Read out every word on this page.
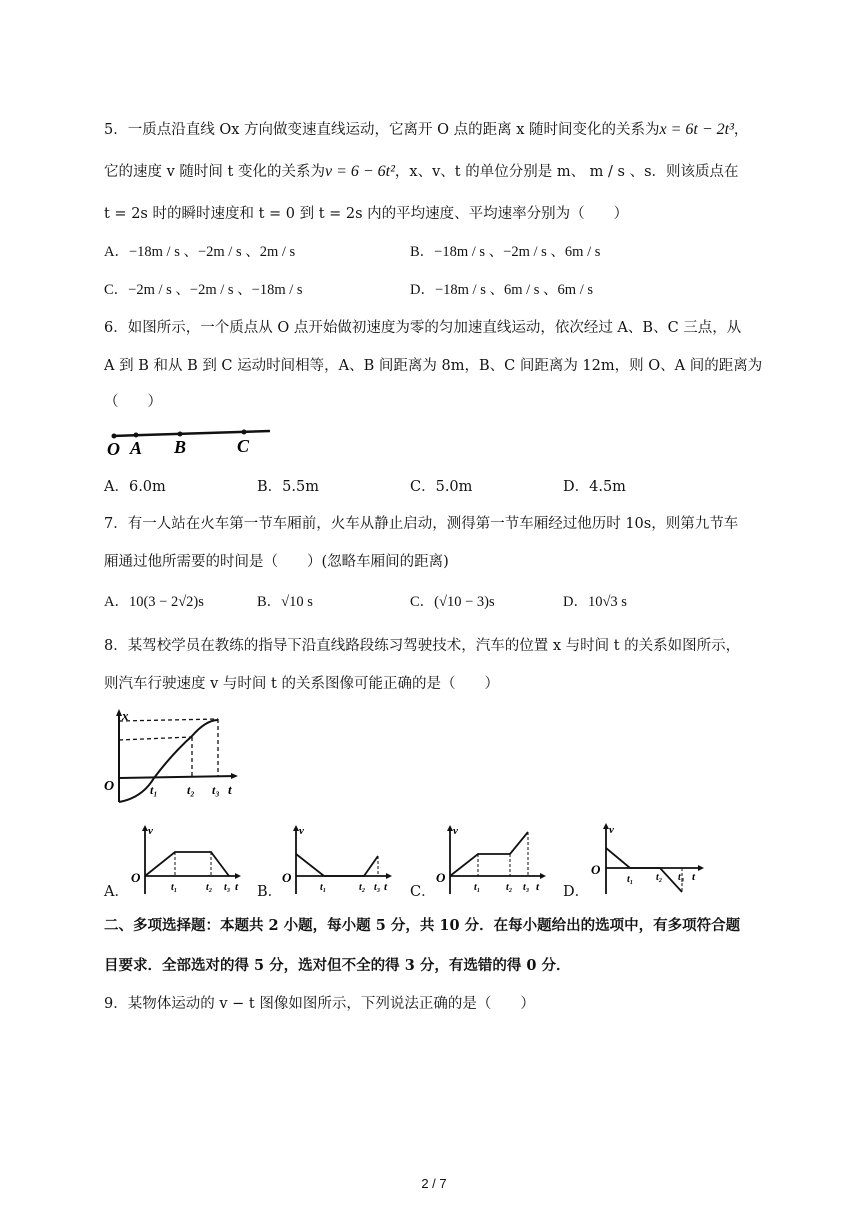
5．一质点沿直线 Ox 方向做变速直线运动，它离开 O 点的距离 x 随时间变化的关系为x = 6t − 2t³，
它的速度 v 随时间 t 变化的关系为v = 6 − 6t²，x、v、t 的单位分别是 m、 m / s 、s．则该质点在
t = 2s 时的瞬时速度和 t = 0 到 t = 2s 内的平均速度、平均速率分别为（　　）
A．−18m / s 、−2m / s 、2m / s	B．−18m / s 、−2m / s 、6m / s
C．−2m / s 、−2m / s 、−18m / s	D．−18m / s 、6m / s 、6m / s
6．如图所示，一个质点从 O 点开始做初速度为零的匀加速直线运动，依次经过 A、B、C 三点，从
A 到 B 和从 B 到 C 运动时间相等，A、B 间距离为 8m，B、C 间距离为 12m，则 O、A 间的距离为
（　　）
O A B	C
A．6.0m	B．5.5m	C．5.0m	D．4.5m
7．有一人站在火车第一节车厢前，火车从静止启动，测得第一节车厢经过他历时 10s，则第九节车
厢通过他所需要的时间是（　　）(忽略车厢间的距离)
A．10(3 − 2√2)s	B．√10 s	C．(√10 − 3)s	D．10√3 s
8．某驾校学员在教练的指导下沿直线路段练习驾驶技术，汽车的位置 x 与时间 t 的关系如图所示，
则汽车行驶速度 v 与时间 t 的关系图像可能正确的是（　　）
x
O	t₁ t₂ t₃ t
A．
v
O
t₁	t₂ t₃ t B．
v
O
t₁	t₂ t₃ t C．
v
O
t₁	t₂ t₃ t D．
v
O
t₁ t₂ t₃ t
二、多项选择题：本题共 2 小题，每小题 5 分，共 10 分．在每小题给出的选项中，有多项符合题
目要求．全部选对的得 5 分，选对但不全的得 3 分，有选错的得 0 分．
9．某物体运动的 v − t 图像如图所示，下列说法正确的是（　　）
2 / 7
